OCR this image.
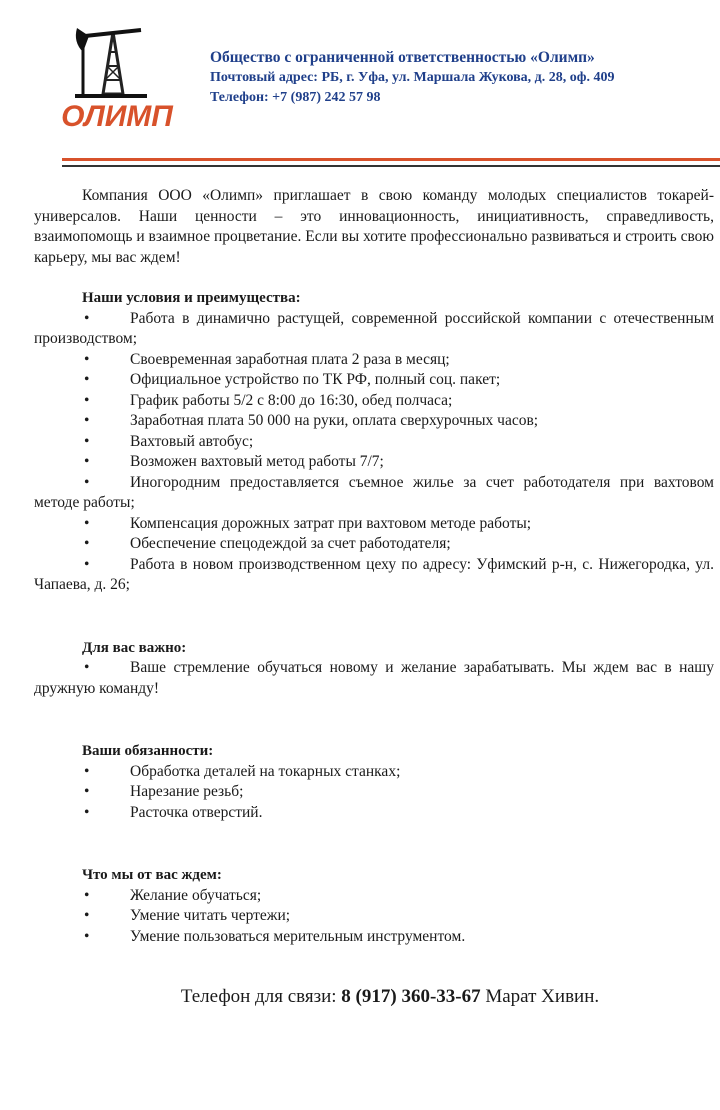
ОЛИМП
Общество с ограниченной ответственностью «Олимп»
Почтовый адрес: РБ, г. Уфа, ул. Маршала Жукова, д. 28, оф. 409
Телефон: +7 (987) 242 57 98

Компания ООО «Олимп» приглашает в свою команду молодых специалистов токарей-универсалов. Наши ценности – это инновационность, инициативность, справедливость, взаимопомощь и взаимное процветание. Если вы хотите профессионально развиваться и строить свою карьеру, мы вас ждем!

Наши условия и преимущества:

•	Работа в динамично растущей, современной российской компании с отечественным производством;
•	Своевременная заработная плата 2 раза в месяц;
•	Официальное устройство по ТК РФ, полный соц. пакет;
•	График работы 5/2 с 8:00 до 16:30, обед полчаса;
•	Заработная плата 50 000 на руки, оплата сверхурочных часов;
•	Вахтовый автобус;
•	Возможен вахтовый метод работы 7/7;
•	Иногородним предоставляется съемное жилье за счет работодателя при вахтовом методе работы;
•	Компенсация дорожных затрат при вахтовом методе работы;
•	Обеспечение спецодеждой за счет работодателя;
•	Работа в новом производственном цеху по адресу: Уфимский р-н, с. Нижегородка, ул. Чапаева, д. 26;

Для вас важно:

•	Ваше стремление обучаться новому и желание зарабатывать. Мы ждем вас в нашу дружную команду!

Ваши обязанности:

•	Обработка деталей на токарных станках;
•	Нарезание резьб;
•	Расточка отверстий.

Что мы от вас ждем:

•	Желание обучаться;
•	Умение читать чертежи;
•	Умение пользоваться мерительным инструментом.
Телефон для связи: 8 (917) 360-33-67 Марат Хивин.
